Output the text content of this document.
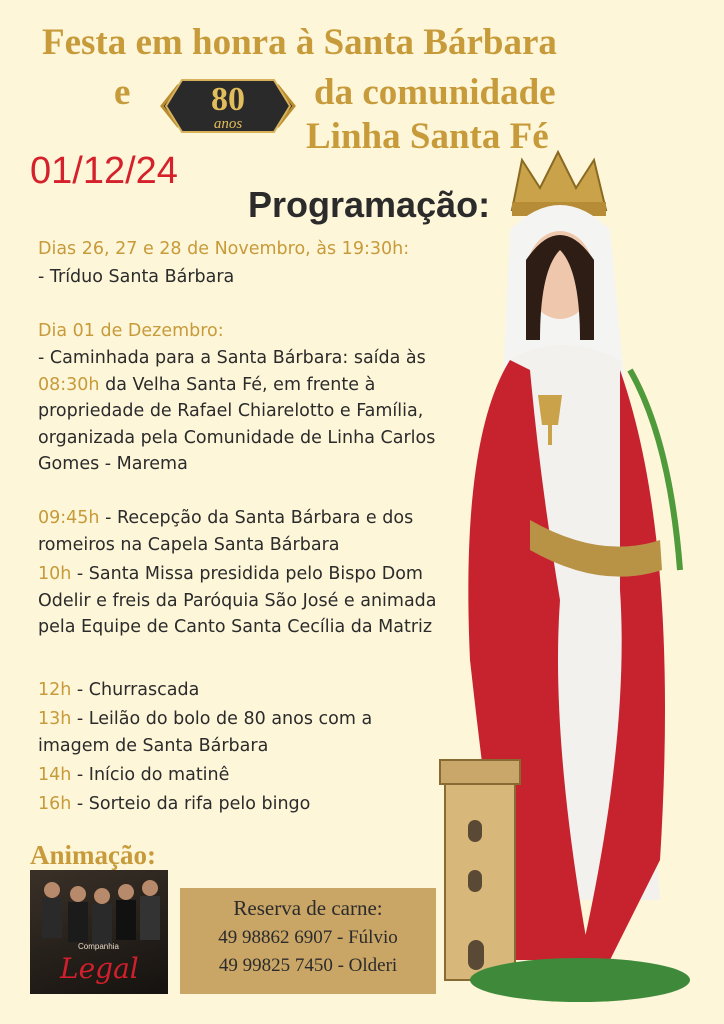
Festa em honra à Santa Bárbara
e	da comunidade
Linha Santa Fé
80
anos
01/12/24
Programação:
Dias 26, 27 e 28 de Novembro, às 19:30h:
- Tríduo Santa Bárbara
Dia 01 de Dezembro:
- Caminhada para a Santa Bárbara: saída às 08:30h da Velha Santa Fé, em frente à propriedade de Rafael Chiarelotto e Família, organizada pela Comunidade de Linha Carlos Gomes - Marema
09:45h - Recepção da Santa Bárbara e dos romeiros na Capela Santa Bárbara
10h - Santa Missa presidida pelo Bispo Dom Odelir e freis da Paróquia São José e animada pela Equipe de Canto Santa Cecília da Matriz
12h - Churrascada
13h - Leilão do bolo de 80 anos com a imagem de Santa Bárbara
14h - Início do matinê
16h - Sorteio da rifa pelo bingo
Animação:
Companhia
Legal
Reserva de carne:
49 98862 6907 - Fúlvio
49 99825 7450 - Olderi
